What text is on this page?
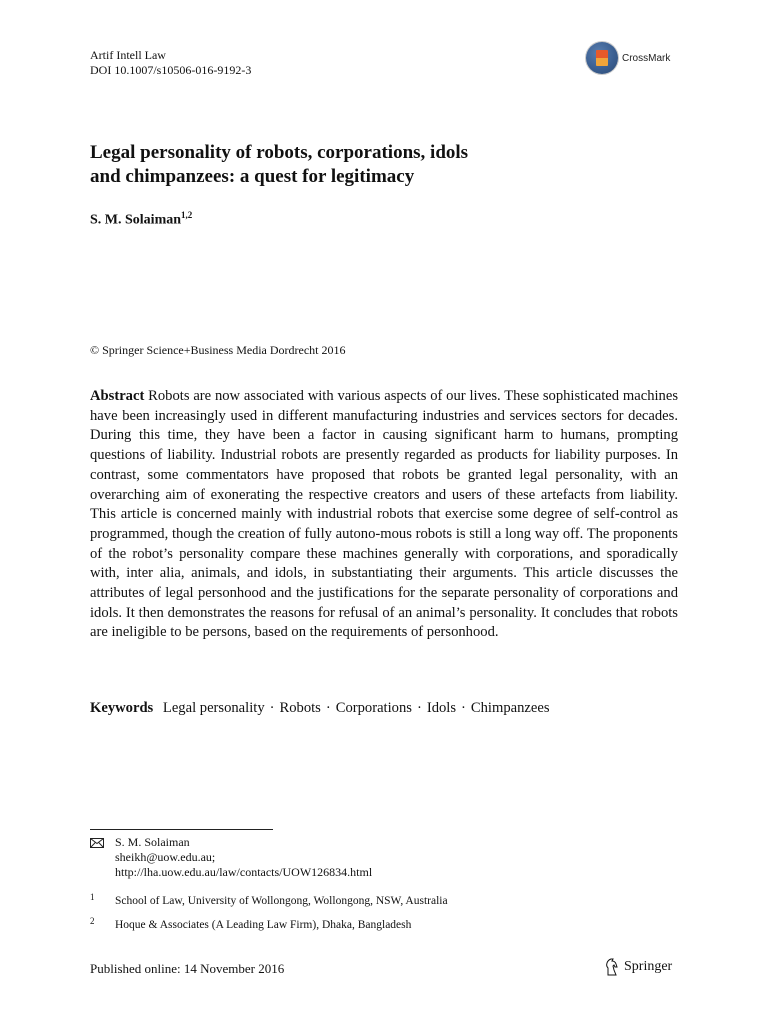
Artif Intell Law
DOI 10.1007/s10506-016-9192-3
CrossMark
Legal personality of robots, corporations, idols
and chimpanzees: a quest for legitimacy
S. M. Solaiman$^{1,2}$
© Springer Science+Business Media Dordrecht 2016
Abstract Robots are now associated with various aspects of our lives. These sophisticated machines have been increasingly used in different manufacturing industries and services sectors for decades. During this time, they have been a factor in causing significant harm to humans, prompting questions of liability. Industrial robots are presently regarded as products for liability purposes. In contrast, some commentators have proposed that robots be granted legal personality, with an overarching aim of exonerating the respective creators and users of these artefacts from liability. This article is concerned mainly with industrial robots that exercise some degree of self-control as programmed, though the creation of fully autono-mous robots is still a long way off. The proponents of the robot’s personality compare these machines generally with corporations, and sporadically with, inter alia, animals, and idols, in substantiating their arguments. This article discusses the attributes of legal personhood and the justifications for the separate personality of corporations and idols. It then demonstrates the reasons for refusal of an animal’s personality. It concludes that robots are ineligible to be persons, based on the requirements of personhood.
Keywords Legal personality · Robots · Corporations · Idols · Chimpanzees
S. M. Solaiman
sheikh@uow.edu.au;
http://lha.uow.edu.au/law/contacts/UOW126834.html
1 School of Law, University of Wollongong, Wollongong, NSW, Australia
2 Hoque & Associates (A Leading Law Firm), Dhaka, Bangladesh
Published online: 14 November 2016	Springer
